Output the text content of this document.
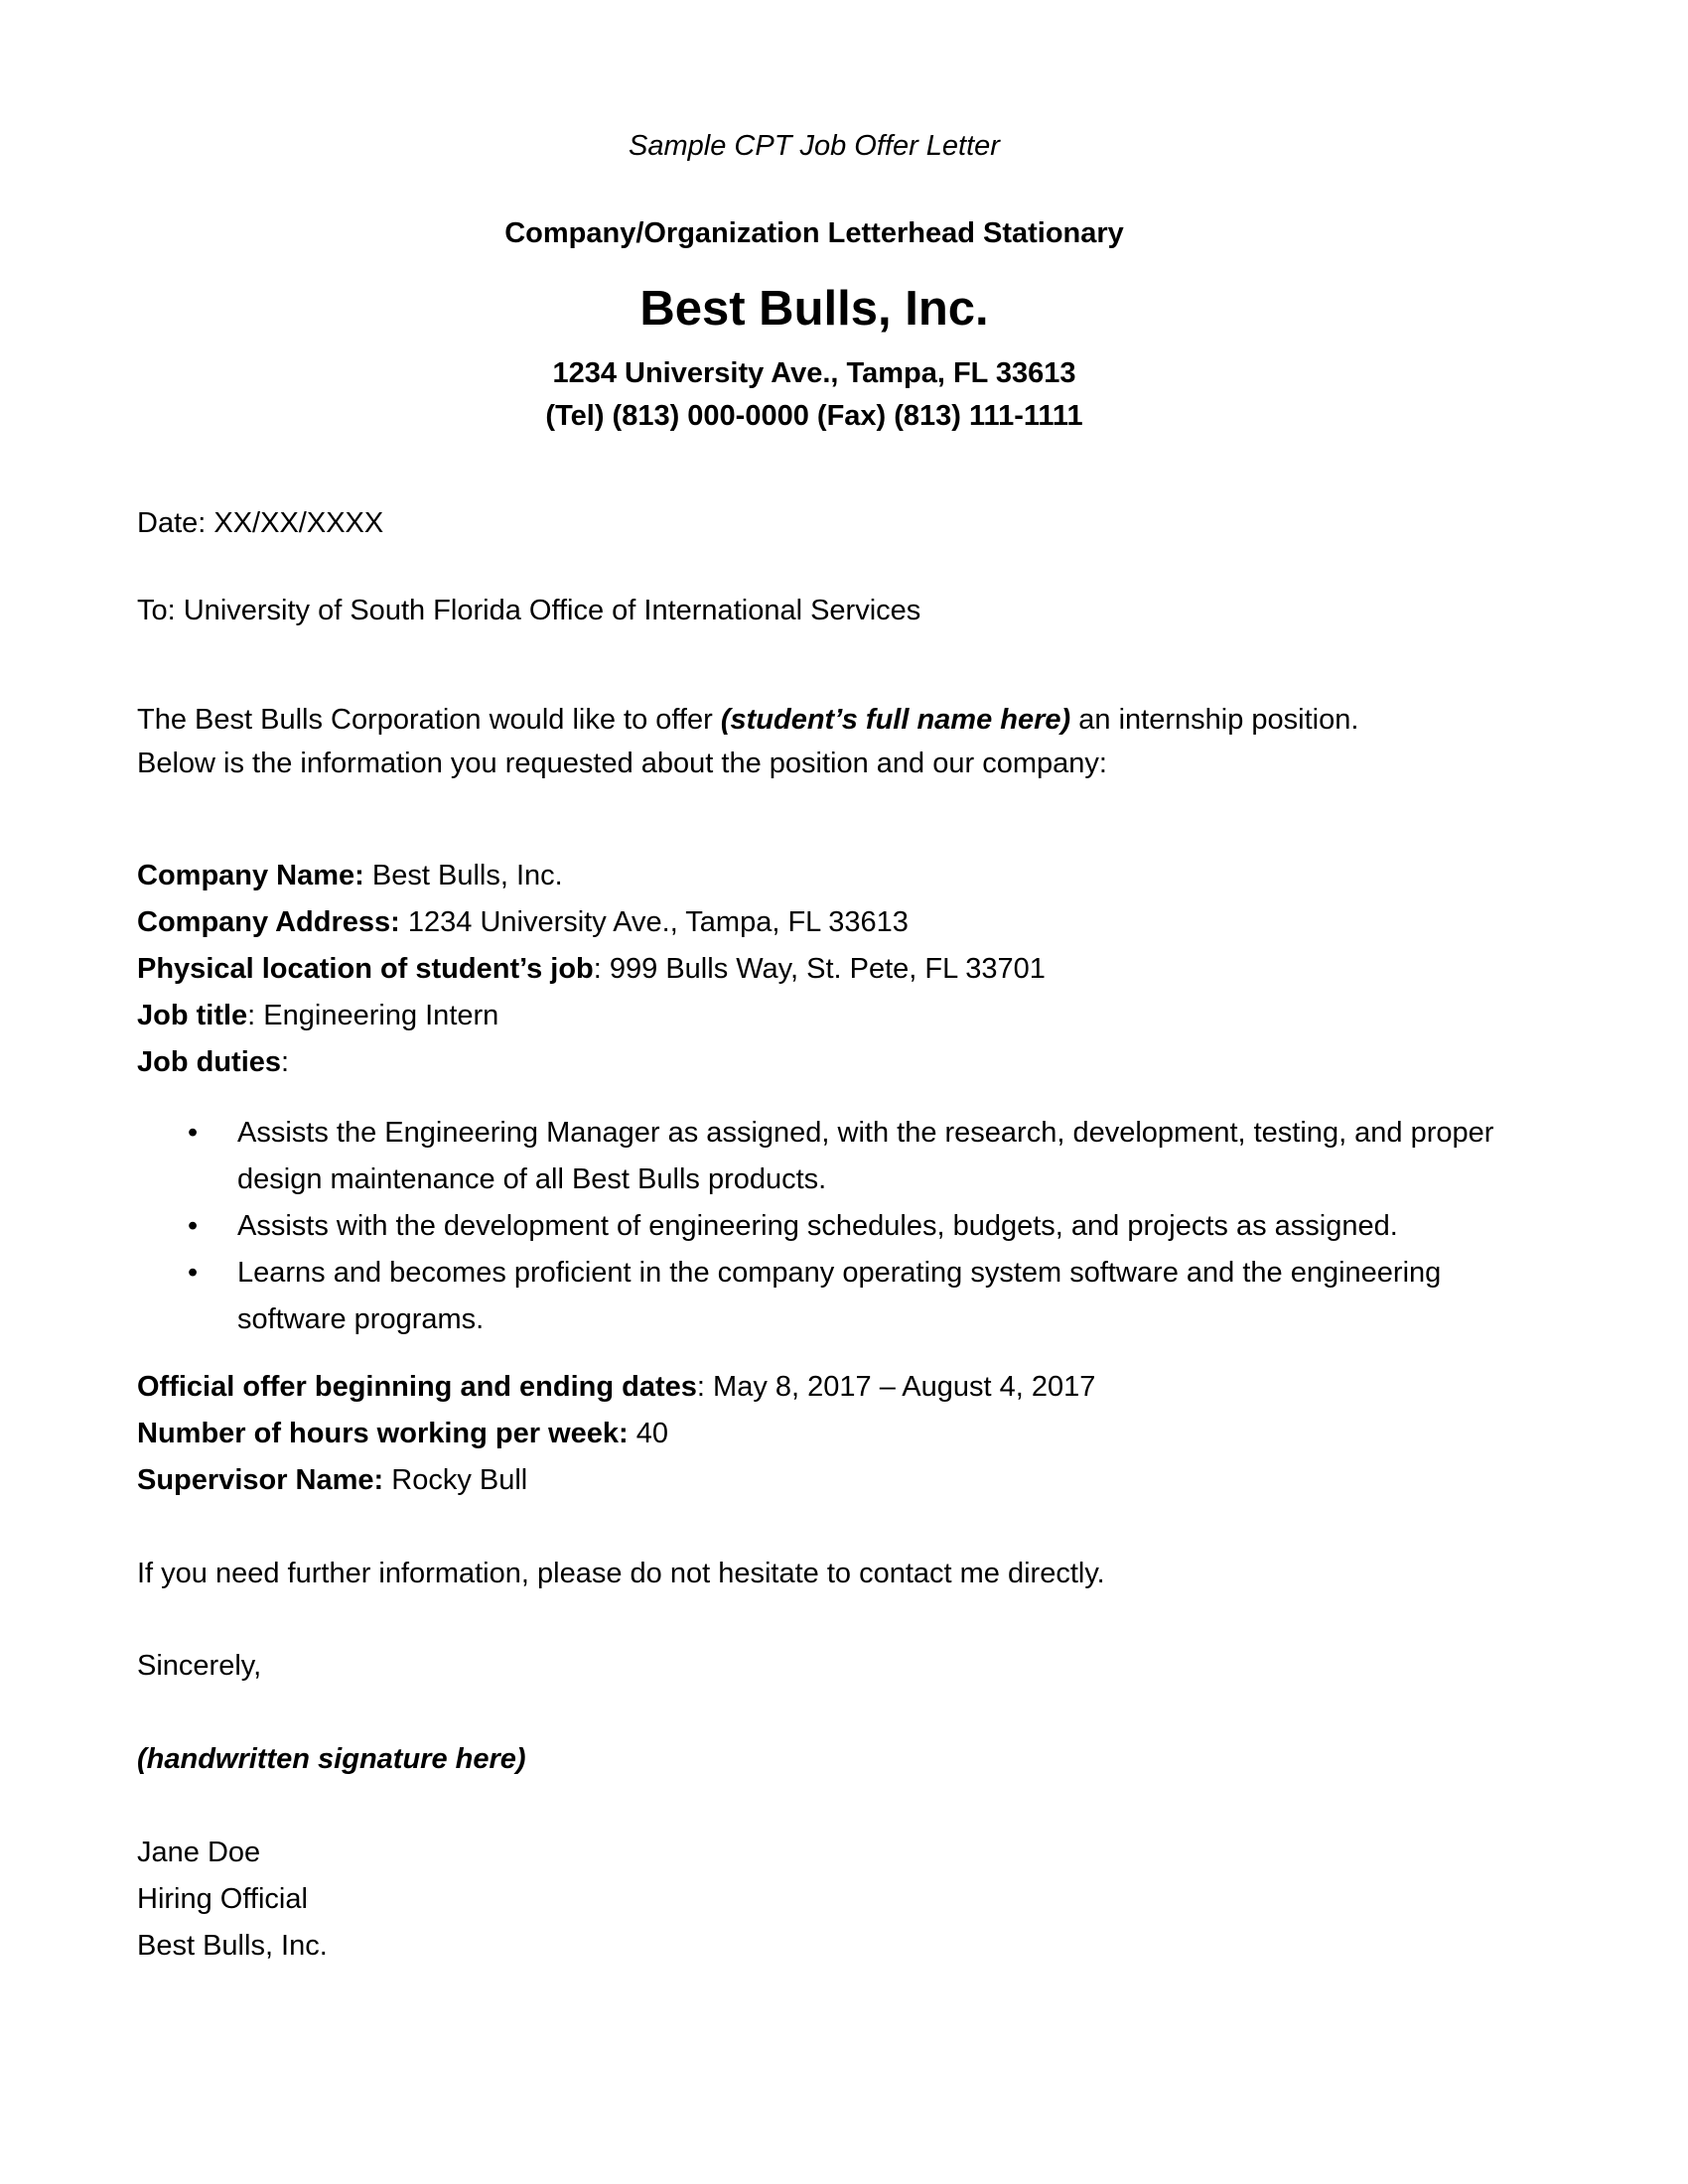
Sample CPT Job Offer Letter
Company/Organization Letterhead Stationary
Best Bulls, Inc.
1234 University Ave., Tampa, FL 33613
(Tel) (813) 000-0000 (Fax) (813) 111-1111
Date: XX/XX/XXXX
To: University of South Florida Office of International Services
The Best Bulls Corporation would like to offer (student’s full name here) an internship position.
Below is the information you requested about the position and our company:
Company Name: Best Bulls, Inc.
Company Address: 1234 University Ave., Tampa, FL 33613
Physical location of student’s job: 999 Bulls Way, St. Pete, FL 33701
Job title: Engineering Intern
Job duties:
• Assists the Engineering Manager as assigned, with the research, development, testing, and proper design maintenance of all Best Bulls products.
• Assists with the development of engineering schedules, budgets, and projects as assigned.
• Learns and becomes proficient in the company operating system software and the engineering software programs.
Official offer beginning and ending dates: May 8, 2017 – August 4, 2017
Number of hours working per week: 40
Supervisor Name: Rocky Bull
If you need further information, please do not hesitate to contact me directly.
Sincerely,
(handwritten signature here)
Jane Doe
Hiring Official
Best Bulls, Inc.
